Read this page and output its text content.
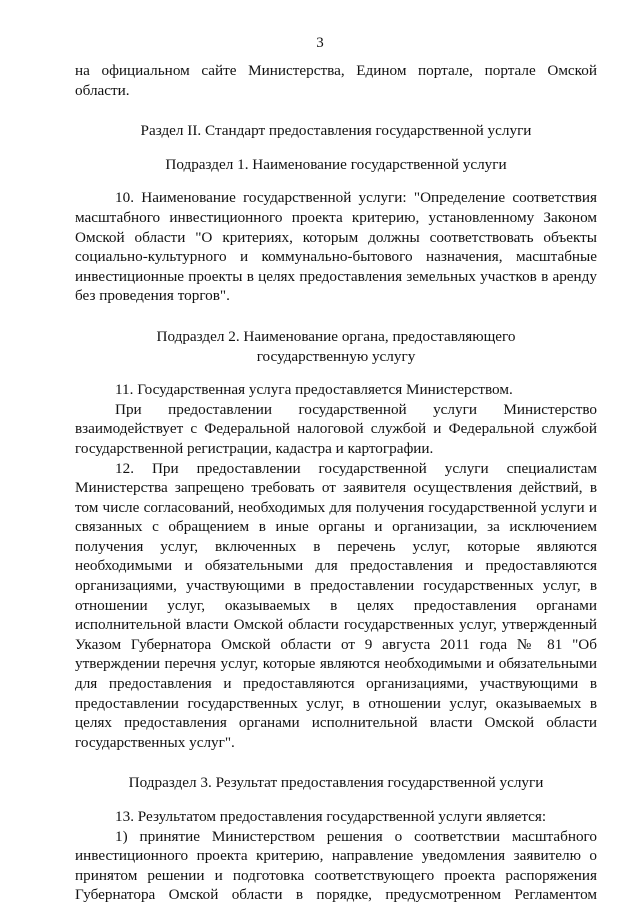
3

на официальном сайте Министерства, Едином портале, портале Омской области.

Раздел II. Стандарт предоставления государственной услуги

Подраздел 1. Наименование государственной услуги

10. Наименование государственной услуги: "Определение соответствия масштабного инвестиционного проекта критерию, установленному Законом Омской области "О критериях, которым должны соответствовать объекты социально-культурного и коммунально-бытового назначения, масштабные инвестиционные проекты в целях предоставления земельных участков в аренду без проведения торгов".

Подраздел 2. Наименование органа, предоставляющего

государственную услугу

11. Государственная услуга предоставляется Министерством.

При предоставлении государственной услуги Министерство взаимодействует с Федеральной налоговой службой и Федеральной службой государственной регистрации, кадастра и картографии.

12. При предоставлении государственной услуги специалистам Министерства запрещено требовать от заявителя осуществления действий, в том числе согласований, необходимых для получения государственной услуги и связанных с обращением в иные органы и организации, за исключением получения услуг, включенных в перечень услуг, которые являются необходимыми и обязательными для предоставления и предоставляются организациями, участвующими в предоставлении государственных услуг, в отношении услуг, оказываемых в целях предоставления органами исполнительной власти Омской области государственных услуг, утвержденный Указом Губернатора Омской области от 9 августа 2011 года № 81 "Об утверждении перечня услуг, которые являются необходимыми и обязательными для предоставления и предоставляются организациями, участвующими в предоставлении государственных услуг, в отношении услуг, оказываемых в целях предоставления органами исполнительной власти Омской области государственных услуг".

Подраздел 3. Результат предоставления государственной услуги

13. Результатом предоставления государственной услуги является:

1) принятие Министерством решения о соответствии масштабного инвестиционного проекта критерию, направление уведомления заявителю о принятом решении и подготовка соответствующего проекта распоряжения Губернатора Омской области в порядке, предусмотренном Регламентом
